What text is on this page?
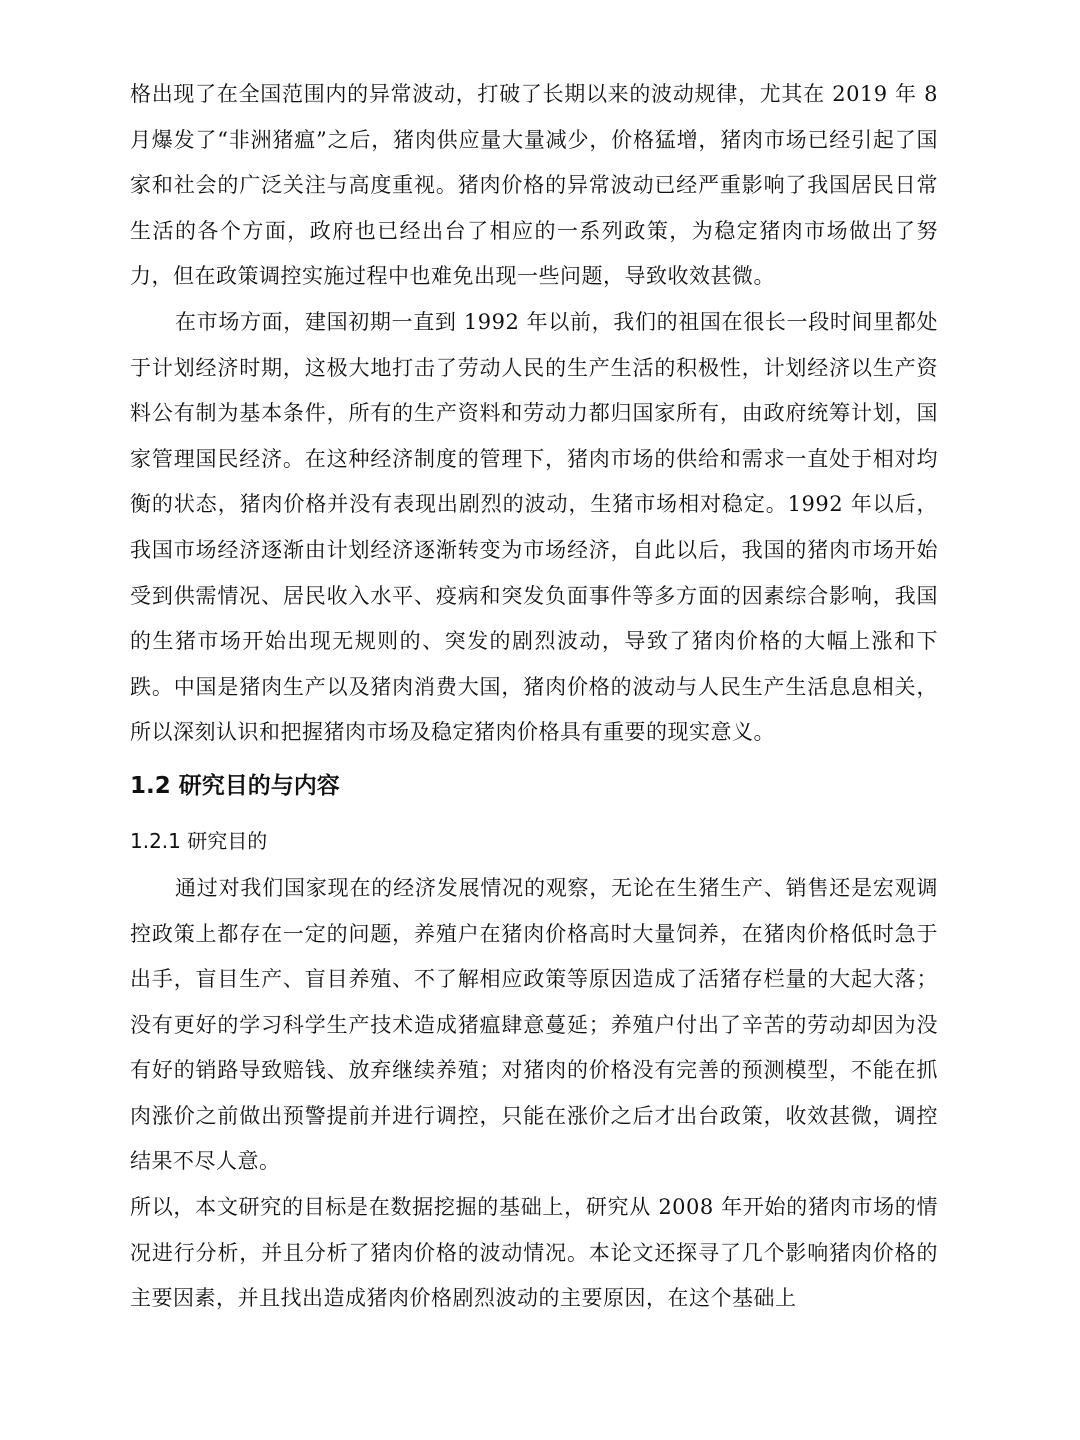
格出现了在全国范围内的异常波动，打破了长期以来的波动规律，尤其在 2019 年 8 月爆发了“非洲猪瘟”之后，猪肉供应量大量减少，价格猛增，猪肉市场已经引起了国家和社会的广泛关注与高度重视。猪肉价格的异常波动已经严重影响了我国居民日常生活的各个方面，政府也已经出台了相应的一系列政策，为稳定猪肉市场做出了努力，但在政策调控实施过程中也难免出现一些问题，导致收效甚微。

在市场方面，建国初期一直到 1992 年以前，我们的祖国在很长一段时间里都处于计划经济时期，这极大地打击了劳动人民的生产生活的积极性，计划经济以生产资料公有制为基本条件，所有的生产资料和劳动力都归国家所有，由政府统筹计划，国家管理国民经济。在这种经济制度的管理下，猪肉市场的供给和需求一直处于相对均衡的状态，猪肉价格并没有表现出剧烈的波动，生猪市场相对稳定。1992 年以后，我国市场经济逐渐由计划经济逐渐转变为市场经济，自此以后，我国的猪肉市场开始受到供需情况、居民收入水平、疫病和突发负面事件等多方面的因素综合影响，我国的生猪市场开始出现无规则的、突发的剧烈波动，导致了猪肉价格的大幅上涨和下跌。中国是猪肉生产以及猪肉消费大国，猪肉价格的波动与人民生产生活息息相关，所以深刻认识和把握猪肉市场及稳定猪肉价格具有重要的现实意义。

1.2 研究目的与内容
1.2.1 研究目的

通过对我们国家现在的经济发展情况的观察，无论在生猪生产、销售还是宏观调控政策上都存在一定的问题，养殖户在猪肉价格高时大量饲养，在猪肉价格低时急于出手，盲目生产、盲目养殖、不了解相应政策等原因造成了活猪存栏量的大起大落；没有更好的学习科学生产技术造成猪瘟肆意蔓延；养殖户付出了辛苦的劳动却因为没有好的销路导致赔钱、放弃继续养殖；对猪肉的价格没有完善的预测模型，不能在抓肉涨价之前做出预警提前并进行调控，只能在涨价之后才出台政策，收效甚微，调控结果不尽人意。

所以，本文研究的目标是在数据挖掘的基础上，研究从 2008 年开始的猪肉市场的情况进行分析，并且分析了猪肉价格的波动情况。本论文还探寻了几个影响猪肉价格的主要因素，并且找出造成猪肉价格剧烈波动的主要原因，在这个基础上
